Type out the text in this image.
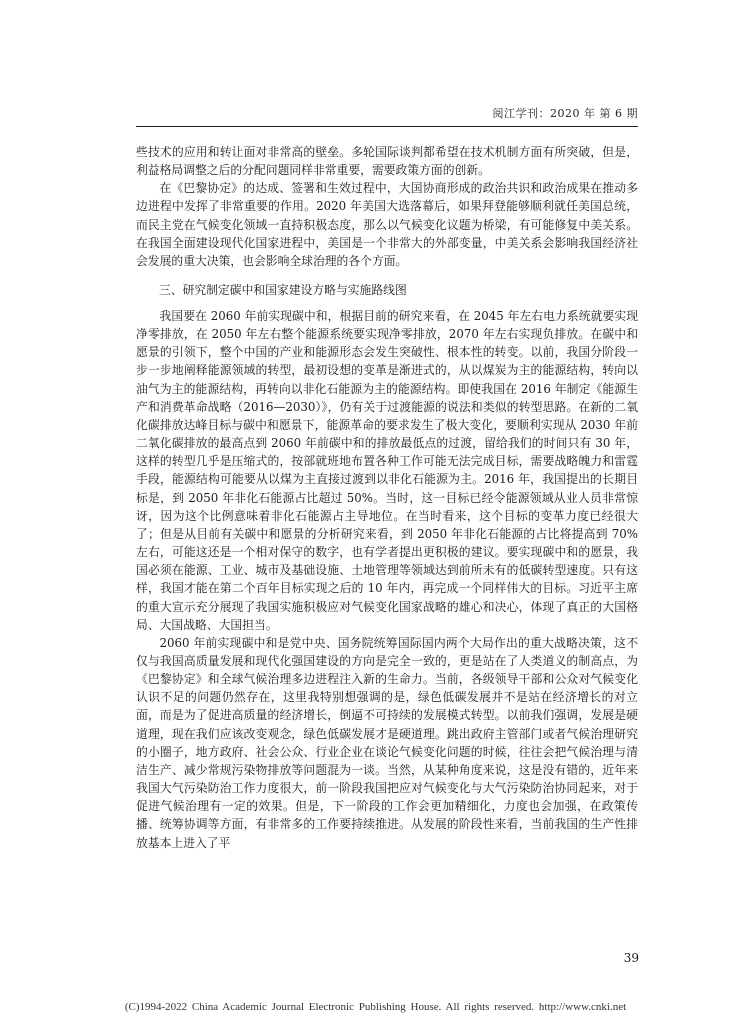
阅江学刊：2020 年 第 6 期

些技术的应用和转让面对非常高的壁垒。多轮国际谈判都希望在技术机制方面有所突破，但是，利益格局调整之后的分配问题同样非常重要，需要政策方面的创新。

在《巴黎协定》的达成、签署和生效过程中，大国协商形成的政治共识和政治成果在推动多边进程中发挥了非常重要的作用。2020 年美国大选落幕后，如果拜登能够顺利就任美国总统，而民主党在气候变化领域一直持积极态度，那么以气候变化议题为桥梁，有可能修复中美关系。在我国全面建设现代化国家进程中，美国是一个非常大的外部变量，中美关系会影响我国经济社会发展的重大决策，也会影响全球治理的各个方面。

三、研究制定碳中和国家建设方略与实施路线图

我国要在 2060 年前实现碳中和，根据目前的研究来看，在 2045 年左右电力系统就要实现净零排放，在 2050 年左右整个能源系统要实现净零排放，2070 年左右实现负排放。在碳中和愿景的引领下，整个中国的产业和能源形态会发生突破性、根本性的转变。以前，我国分阶段一步一步地阐释能源领域的转型，最初设想的变革是渐进式的，从以煤炭为主的能源结构，转向以油气为主的能源结构，再转向以非化石能源为主的能源结构。即使我国在 2016 年制定《能源生产和消费革命战略（2016—2030）》，仍有关于过渡能源的说法和类似的转型思路。在新的二氧化碳排放达峰目标与碳中和愿景下，能源革命的要求发生了极大变化，要顺利实现从 2030 年前二氧化碳排放的最高点到 2060 年前碳中和的排放最低点的过渡，留给我们的时间只有 30 年，这样的转型几乎是压缩式的，按部就班地布置各种工作可能无法完成目标，需要战略魄力和雷霆手段，能源结构可能要从以煤为主直接过渡到以非化石能源为主。2016 年，我国提出的长期目标是，到 2050 年非化石能源占比超过 50%。当时，这一目标已经令能源领域从业人员非常惊讶，因为这个比例意味着非化石能源占主导地位。在当时看来，这个目标的变革力度已经很大了；但是从目前有关碳中和愿景的分析研究来看，到 2050 年非化石能源的占比将提高到 70% 左右，可能这还是一个相对保守的数字，也有学者提出更积极的建议。要实现碳中和的愿景，我国必须在能源、工业、城市及基础设施、土地管理等领域达到前所未有的低碳转型速度。只有这样，我国才能在第二个百年目标实现之后的 10 年内，再完成一个同样伟大的目标。习近平主席的重大宣示充分展现了我国实施积极应对气候变化国家战略的雄心和决心，体现了真正的大国格局、大国战略、大国担当。

2060 年前实现碳中和是党中央、国务院统筹国际国内两个大局作出的重大战略决策，这不仅与我国高质量发展和现代化强国建设的方向是完全一致的，更是站在了人类道义的制高点，为《巴黎协定》和全球气候治理多边进程注入新的生命力。当前，各级领导干部和公众对气候变化认识不足的问题仍然存在，这里我特别想强调的是，绿色低碳发展并不是站在经济增长的对立面，而是为了促进高质量的经济增长，倒逼不可持续的发展模式转型。以前我们强调，发展是硬道理，现在我们应该改变观念，绿色低碳发展才是硬道理。跳出政府主管部门或者气候治理研究的小圈子，地方政府、社会公众、行业企业在谈论气候变化问题的时候，往往会把气候治理与清洁生产、减少常规污染物排放等问题混为一谈。当然，从某种角度来说，这是没有错的，近年来我国大气污染防治工作力度很大，前一阶段我国把应对气候变化与大气污染防治协同起来，对于促进气候治理有一定的效果。但是，下一阶段的工作会更加精细化，力度也会加强，在政策传播、统筹协调等方面，有非常多的工作要持续推进。从发展的阶段性来看，当前我国的生产性排放基本上进入了平

39
(C)1994-2022 China Academic Journal Electronic Publishing House. All rights reserved. http://www.cnki.net
